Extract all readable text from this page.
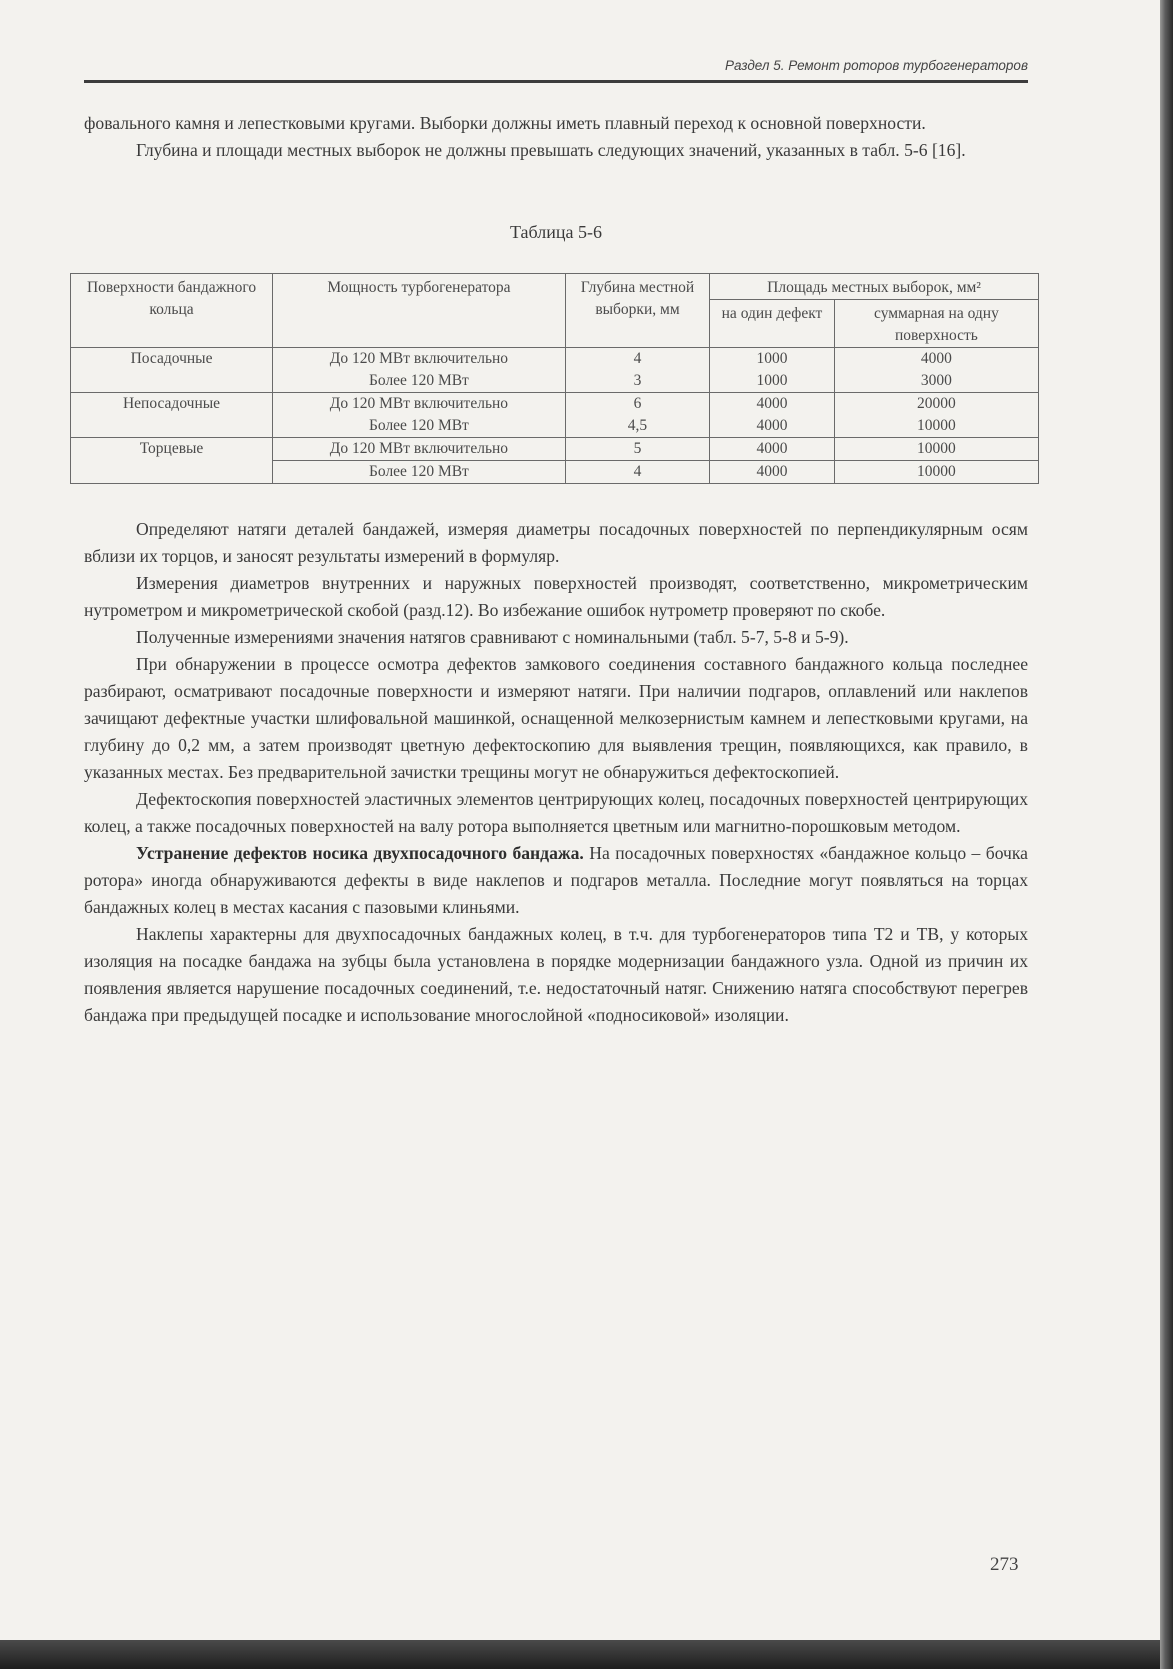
Раздел 5. Ремонт роторов турбогенераторов

фовального камня и лепестковыми кругами. Выборки должны иметь плавный переход к основной поверхности.

Глубина и площади местных выборок не должны превышать следующих значений, указанных в табл. 5-6 [16].

Таблица 5-6
Поверхности бандажного кольца	Мощность турбогенератора	Глубина местной выборки, мм	Площадь местных выборок, мм²	
			на один дефект	суммарная на одну поверхность
Посадочные	До 120 МВт включительно	4	1000	4000
	Более 120 МВт	3	1000	3000
Непосадочные	До 120 МВт включительно	6	4000	20000
	Более 120 МВт	4,5	4000	10000
Торцевые	До 120 МВт включительно	5	4000	10000
	Более 120 МВт	4	4000	10000

Определяют натяги деталей бандажей, измеряя диаметры посадочных поверхностей по перпендикулярным осям вблизи их торцов, и заносят результаты измерений в формуляр.

Измерения диаметров внутренних и наружных поверхностей производят, соответственно, микрометрическим нутрометром и микрометрической скобой (разд.12). Во избежание ошибок нутрометр проверяют по скобе.

Полученные измерениями значения натягов сравнивают с номинальными (табл. 5-7, 5-8 и 5-9).

При обнаружении в процессе осмотра дефектов замкового соединения составного бандажного кольца последнее разбирают, осматривают посадочные поверхности и измеряют натяги. При наличии подгаров, оплавлений или наклепов зачищают дефектные участки шлифовальной машинкой, оснащенной мелкозернистым камнем и лепестковыми кругами, на глубину до 0,2 мм, а затем производят цветную дефектоскопию для выявления трещин, появляющихся, как правило, в указанных местах. Без предварительной зачистки трещины могут не обнаружиться дефектоскопией.

Дефектоскопия поверхностей эластичных элементов центрирующих колец, посадочных поверхностей центрирующих колец, а также посадочных поверхностей на валу ротора выполняется цветным или магнитно-порошковым методом.

Устранение дефектов носика двухпосадочного бандажа. На посадочных поверхностях «бандажное кольцо – бочка ротора» иногда обнаруживаются дефекты в виде наклепов и подгаров металла. Последние могут появляться на торцах бандажных колец в местах касания с пазовыми клиньями.

Наклепы характерны для двухпосадочных бандажных колец, в т.ч. для турбогенераторов типа Т2 и ТВ, у которых изоляция на посадке бандажа на зубцы была установлена в порядке модернизации бандажного узла. Одной из причин их появления является нарушение посадочных соединений, т.е. недостаточный натяг. Снижению натяга способствуют перегрев бандажа при предыдущей посадке и использование многослойной «подносиковой» изоляции.

273
